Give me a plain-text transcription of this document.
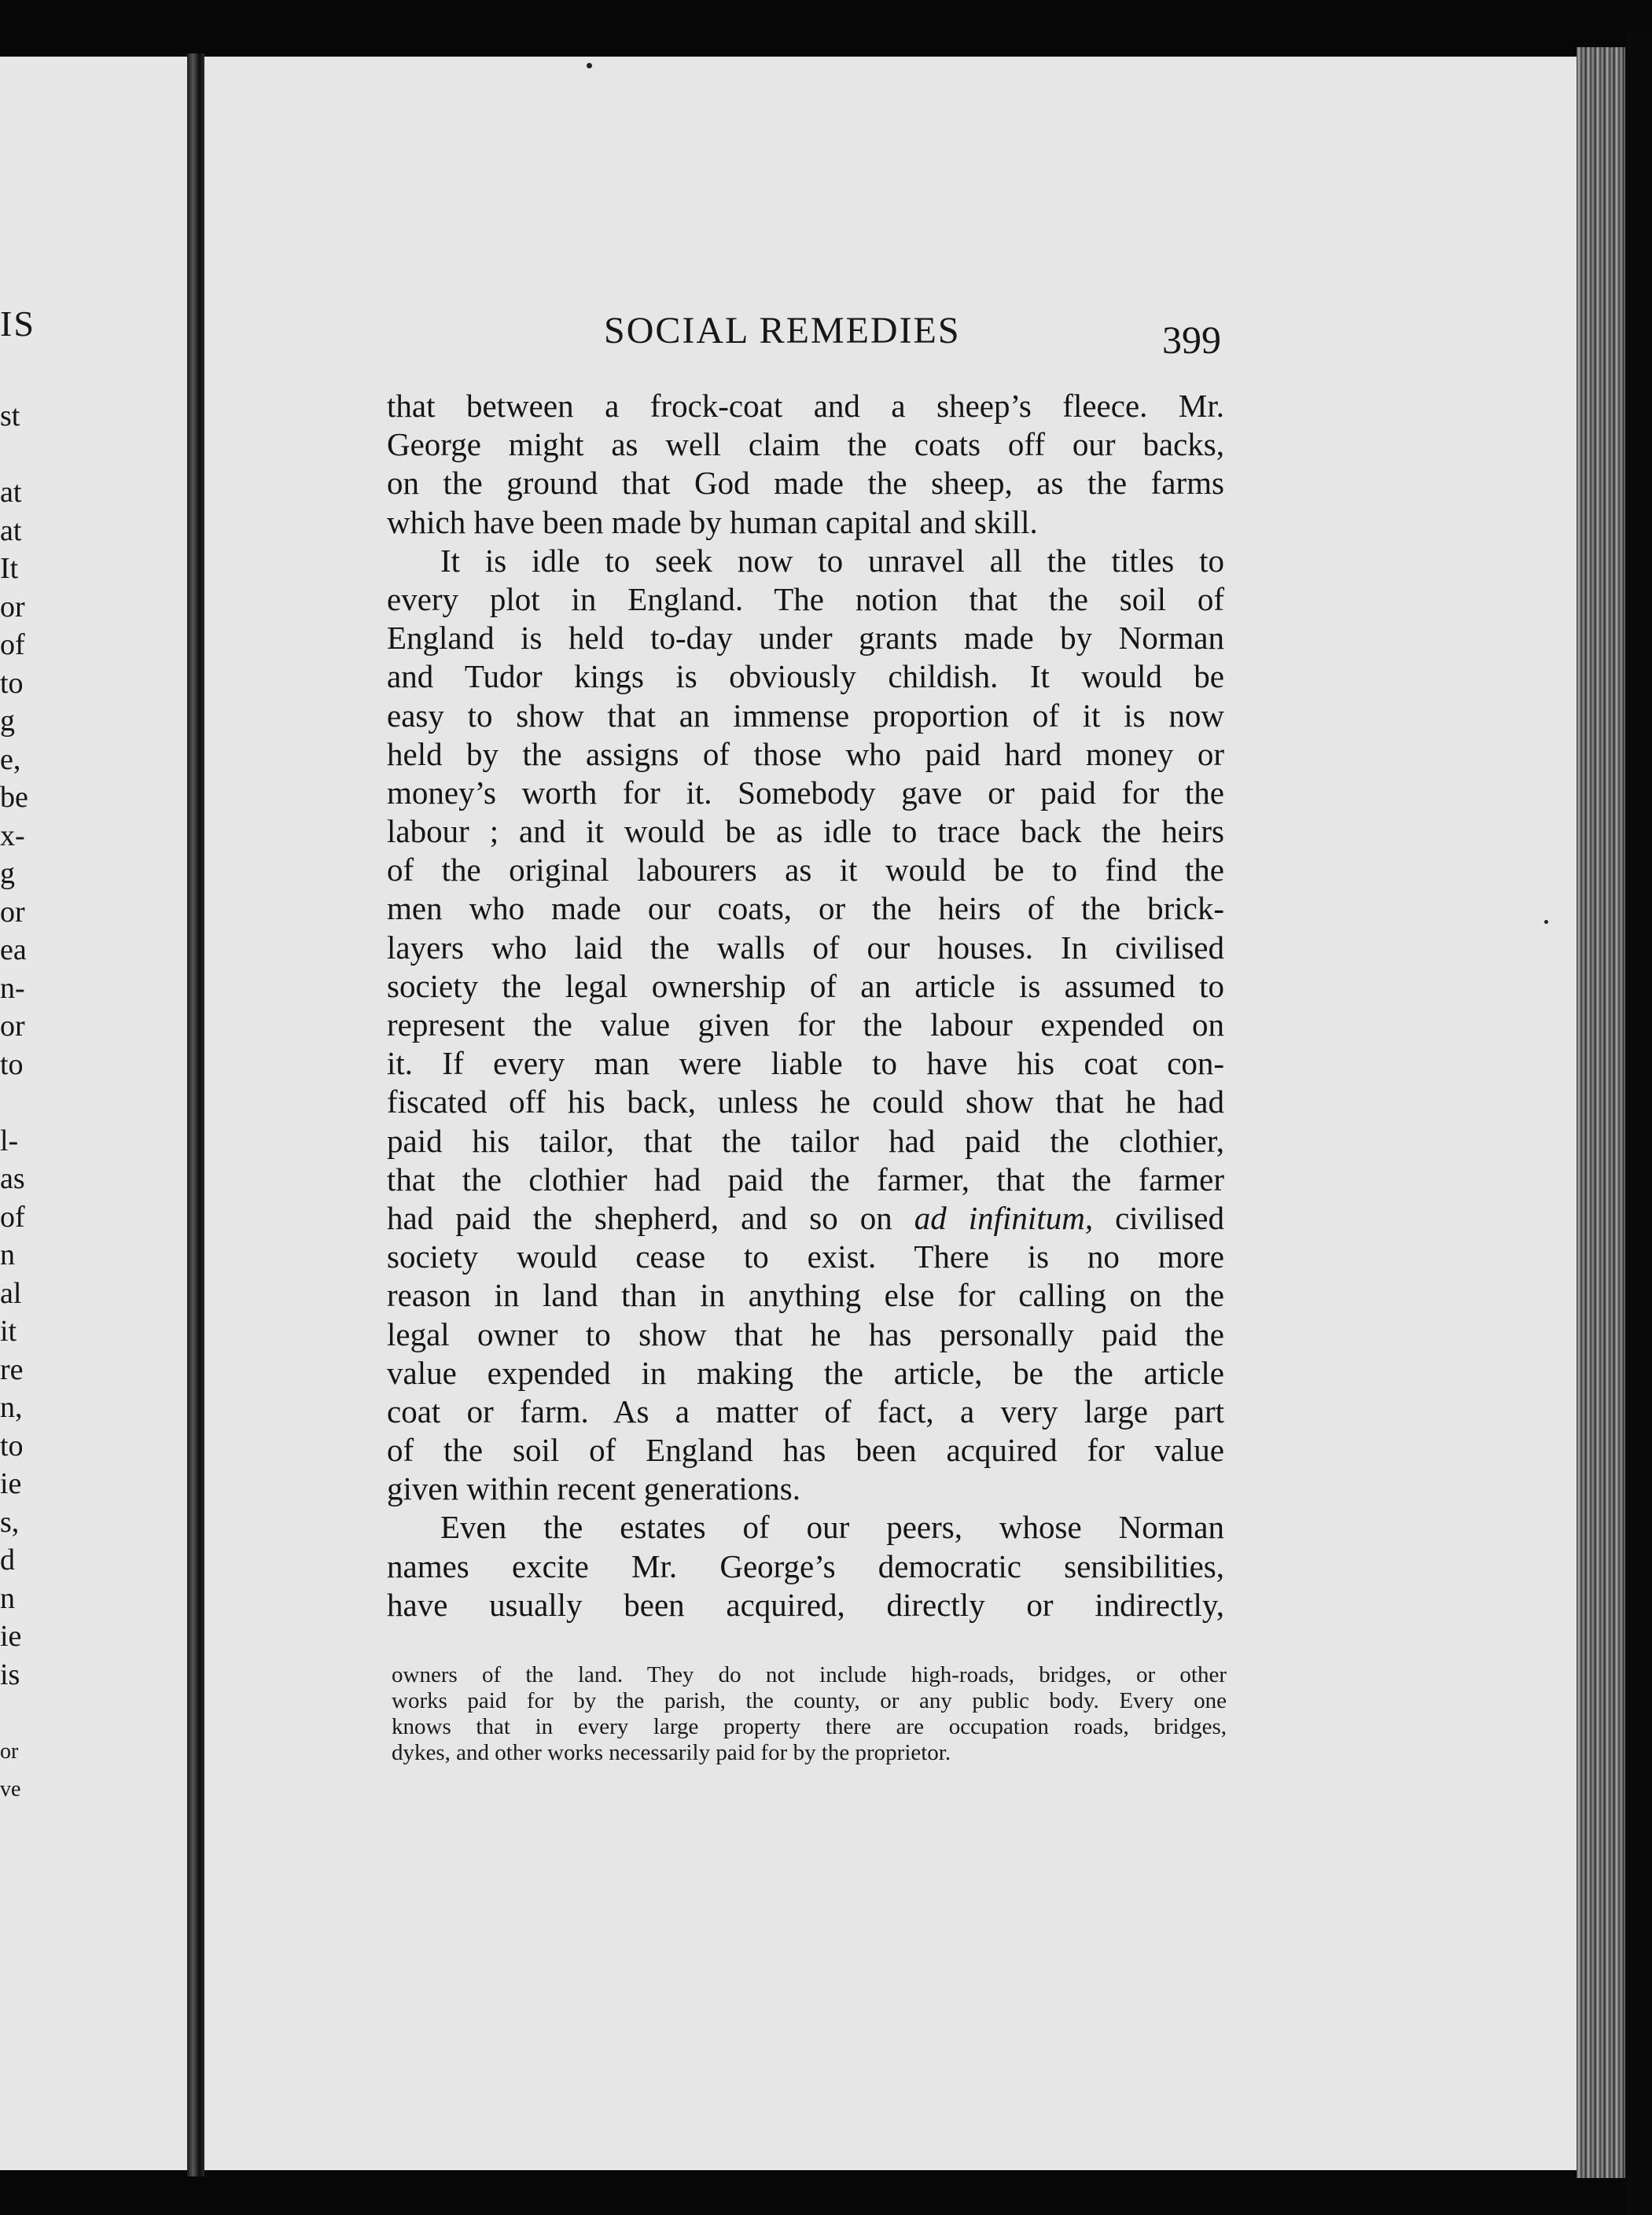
IS
st
at
at
It
or
of
to
g
e,
be
x-
g
or
ea
n-
or
to
l-
as
of
n
al
it
re
n,
to
ie
s,
d
n
ie
is
or
ve
SOCIAL REMEDIES	399
that between a frock-coat and a sheep’s fleece. Mr.
George might as well claim the coats off our backs,
on the ground that God made the sheep, as the farms
which have been made by human capital and skill.
It is idle to seek now to unravel all the titles to
every plot in England. The notion that the soil of
England is held to-day under grants made by Norman
and Tudor kings is obviously childish. It would be
easy to show that an immense proportion of it is now
held by the assigns of those who paid hard money or
money’s worth for it. Somebody gave or paid for the
labour ; and it would be as idle to trace back the heirs
of the original labourers as it would be to find the
men who made our coats, or the heirs of the brick-
layers who laid the walls of our houses. In civilised
society the legal ownership of an article is assumed to
represent the value given for the labour expended on
it. If every man were liable to have his coat con-
fiscated off his back, unless he could show that he had
paid his tailor, that the tailor had paid the clothier,
that the clothier had paid the farmer, that the farmer
had paid the shepherd, and so on ad infinitum, civilised
society would cease to exist. There is no more
reason in land than in anything else for calling on the
legal owner to show that he has personally paid the
value expended in making the article, be the article
coat or farm. As a matter of fact, a very large part
of the soil of England has been acquired for value
given within recent generations.
Even the estates of our peers, whose Norman
names excite Mr. George’s democratic sensibilities,
have usually been acquired, directly or indirectly,
owners of the land. They do not include high-roads, bridges, or other
works paid for by the parish, the county, or any public body. Every one
knows that in every large property there are occupation roads, bridges,
dykes, and other works necessarily paid for by the proprietor.
